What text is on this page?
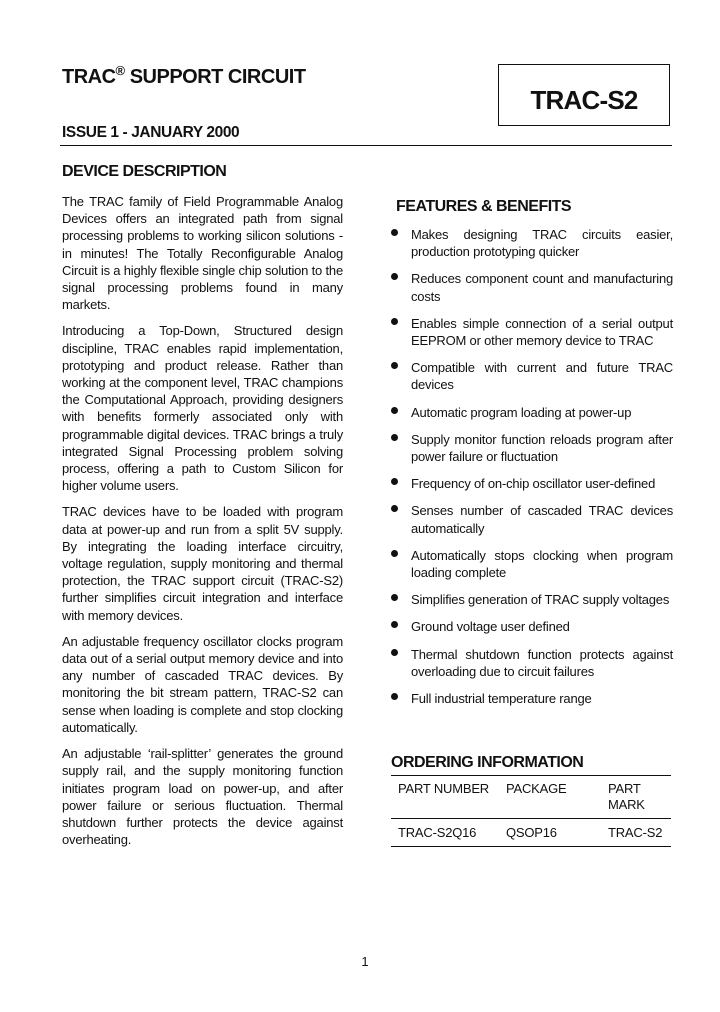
TRAC® SUPPORT CIRCUIT
TRAC-S2
ISSUE 1 - JANUARY 2000
DEVICE DESCRIPTION

The TRAC family of Field Programmable Analog Devices offers an integrated path from signal processing problems to working silicon solutions - in minutes! The Totally Reconfigurable Analog Circuit is a highly flexible single chip solution to the signal processing problems found in many markets.

Introducing a Top-Down, Structured design discipline, TRAC enables rapid implementation, prototyping and product release. Rather than working at the component level, TRAC champions the Computational Approach, providing designers with benefits formerly associated only with programmable digital devices. TRAC brings a truly integrated Signal Processing problem solving process, offering a path to Custom Silicon for higher volume users.

TRAC devices have to be loaded with program data at power-up and run from a split 5V supply. By integrating the loading interface circuitry, voltage regulation, supply monitoring and thermal protection, the TRAC support circuit (TRAC-S2) further simplifies circuit integration and interface with memory devices.

An adjustable frequency oscillator clocks program data out of a serial output memory device and into any number of cascaded TRAC devices. By monitoring the bit stream pattern, TRAC-S2 can sense when loading is complete and stop clocking automatically.

An adjustable ‘rail-splitter’ generates the ground supply rail, and the supply monitoring function initiates program load on power-up, and after power failure or serious fluctuation. Thermal shutdown further protects the device against overheating.

FEATURES & BENEFITS
Makes designing TRAC circuits easier, production prototyping quicker
Reduces component count and manufacturing costs
Enables simple connection of a serial output EEPROM or other memory device to TRAC
Compatible with current and future TRAC devices
Automatic program loading at power-up
Supply monitor function reloads program after power failure or fluctuation
Frequency of on-chip oscillator user-defined
Senses number of cascaded TRAC devices automatically
Automatically stops clocking when program loading complete
Simplifies generation of TRAC supply voltages
Ground voltage user defined
Thermal shutdown function protects against overloading due to circuit failures
Full industrial temperature range
ORDERING INFORMATION
PART NUMBER PACKAGE	PART
MARK
TRAC-S2Q16 QSOP16	TRAC-S2
1
